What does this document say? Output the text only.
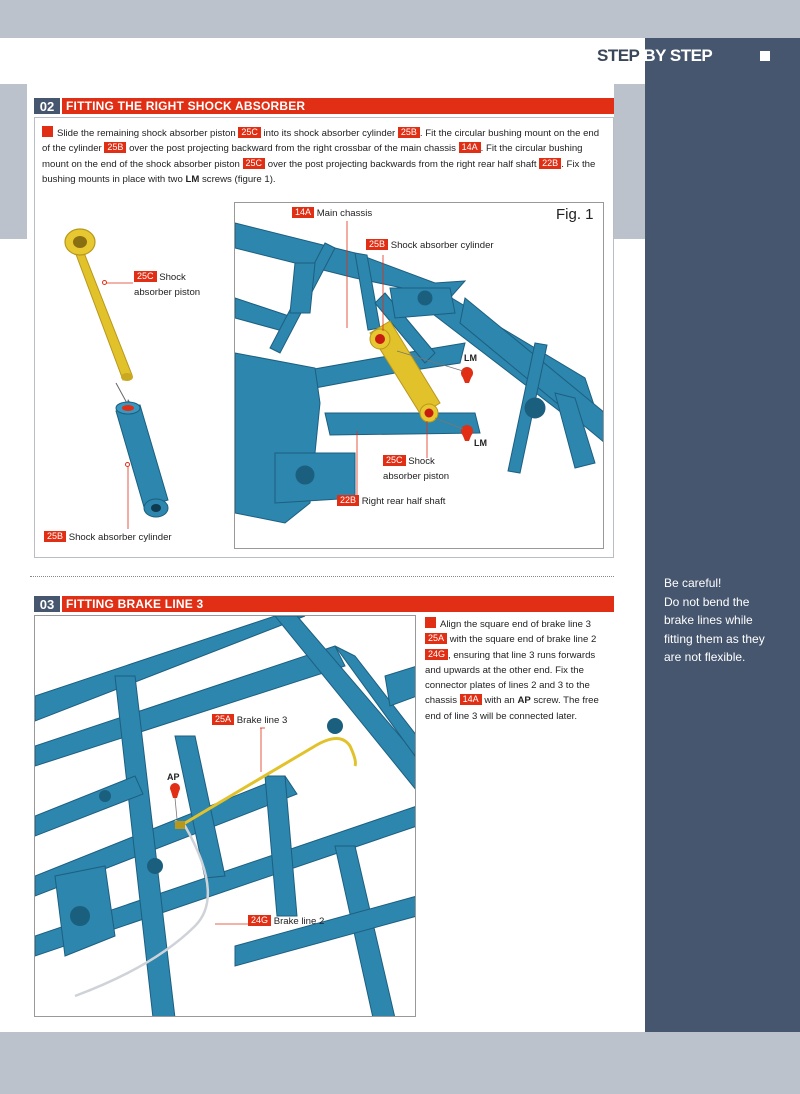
STEP BY STEP
02 FITTING THE RIGHT SHOCK ABSORBER
Slide the remaining shock absorber piston 25C into its shock absorber cylinder 25B . Fit the circular bushing mount on the end of the cylinder 25B over the post projecting backward from the right crossbar of the main chassis 14A . Fit the circular bushing mount on the end of the shock absorber piston 25C over the post projecting backwards from the right rear half shaft 22B . Fix the bushing mounts in place with two LM screws (figure 1).
25C Shock
absorber piston
25B Shock absorber cylinder
Fig. 1
14A Main chassis
25B Shock absorber cylinder
LM
LM
25C Shock
absorber piston
22B Right rear half shaft
03 FITTING BRAKE LINE 3
25A Brake line 3
AP
24G Brake line 2
Align the square end of brake line 3 25A with the square end of brake line 2 24G , ensuring that line 3 runs forwards and upwards at the other end. Fix the connector plates of lines 2 and 3 to the chassis 14A with an AP screw. The free end of line 3 will be connected later.
Be careful!
Do not bend the
brake lines while
fitting them as they
are not flexible.
